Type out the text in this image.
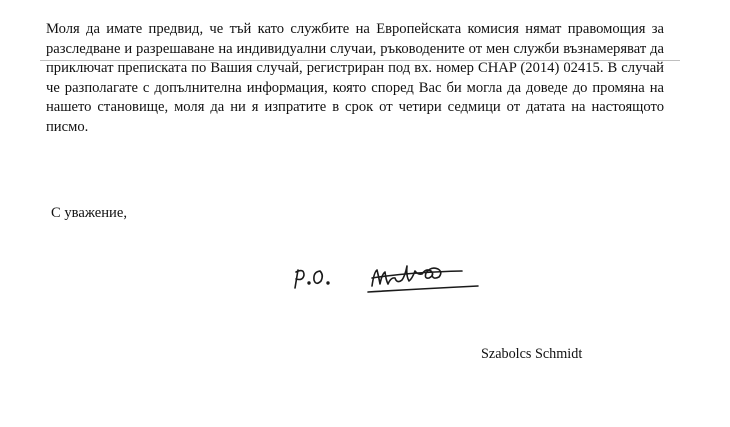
Моля да имате предвид, че тъй като службите на Европейската комисия нямат правомощия за разследване и разрешаване на индивидуални случаи, ръководените от мен служби възнамеряват да приключат преписката по Вашия случай, регистриран под вх. номер CHAP (2014) 02415. В случай че разполагате с допълнителна информация, която според Вас би могла да доведе до промяна на нашето становище, моля да ни я изпратите в срок от четири седмици от датата на настоящото писмо.

С уважение,
Szabolcs Schmidt
